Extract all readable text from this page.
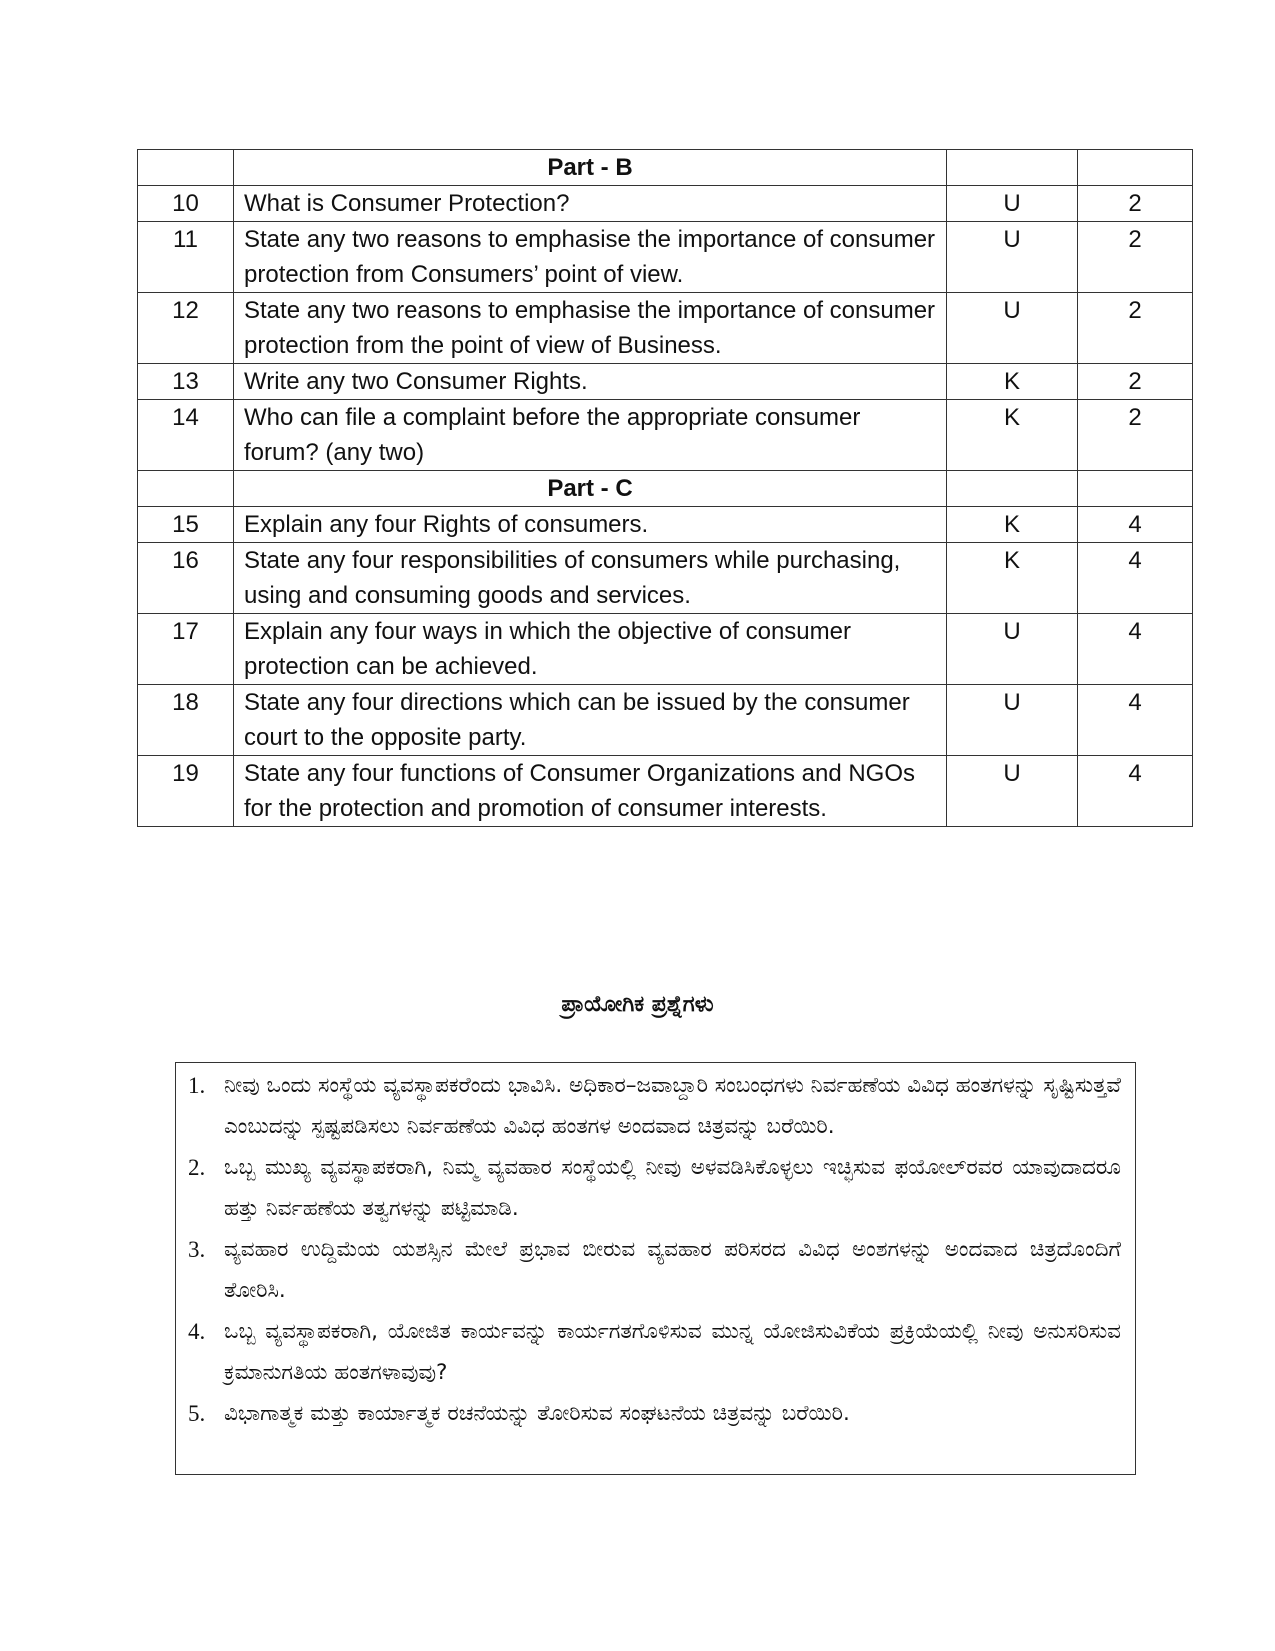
	Part - B		
10	What is Consumer Protection?	U	2
11	State any two reasons to emphasise the importance of consumer protection from Consumers’ point of view.	U	2
12	State any two reasons to emphasise the importance of consumer protection from the point of view of Business.	U	2
13	Write any two Consumer Rights.	K	2
14	Who can file a complaint before the appropriate consumer forum? (any two)	K	2
	Part - C		
15	Explain any four Rights of consumers.	K	4
16	State any four responsibilities of consumers while purchasing, using and consuming goods and services.	K	4
17	Explain any four ways in which the objective of consumer protection can be achieved.	U	4
18	State any four directions which can be issued by the consumer court to the opposite party.	U	4
19	State any four functions of Consumer Organizations and NGOs for the protection and promotion of consumer interests.	U	4
ಪ್ರಾಯೋಗಿಕ ಪ್ರಶ್ನೆಗಳು
1. ನೀವು ಒಂದು ಸಂಸ್ಥೆಯ ವ್ಯವಸ್ಥಾಪಕರೆಂದು ಭಾವಿಸಿ. ಅಧಿಕಾರ–ಜವಾಬ್ದಾರಿ ಸಂಬಂಧಗಳು ನಿರ್ವಹಣೆಯ ವಿವಿಧ ಹಂತಗಳನ್ನು ಸೃಷ್ಟಿಸುತ್ತವೆ ಎಂಬುದನ್ನು ಸ್ಪಷ್ಟಪಡಿಸಲು ನಿರ್ವಹಣೆಯ ವಿವಿಧ ಹಂತಗಳ ಅಂದವಾದ ಚಿತ್ರವನ್ನು ಬರೆಯಿರಿ.
2. ಒಬ್ಬ ಮುಖ್ಯ ವ್ಯವಸ್ಥಾಪಕರಾಗಿ, ನಿಮ್ಮ ವ್ಯವಹಾರ ಸಂಸ್ಥೆಯಲ್ಲಿ ನೀವು ಅಳವಡಿಸಿಕೊಳ್ಳಲು ಇಚ್ಛಿಸುವ ಫಯೋಲ್‌ರವರ ಯಾವುದಾದರೂ ಹತ್ತು ನಿರ್ವಹಣೆಯ ತತ್ವಗಳನ್ನು ಪಟ್ಟಿಮಾಡಿ.
3. ವ್ಯವಹಾರ ಉದ್ದಿಮೆಯ ಯಶಸ್ಸಿನ ಮೇಲೆ ಪ್ರಭಾವ ಬೀರುವ ವ್ಯವಹಾರ ಪರಿಸರದ ವಿವಿಧ ಅಂಶಗಳನ್ನು ಅಂದವಾದ ಚಿತ್ರದೊಂದಿಗೆ ತೋರಿಸಿ.
4. ಒಬ್ಬ ವ್ಯವಸ್ಥಾಪಕರಾಗಿ, ಯೋಜಿತ ಕಾರ್ಯವನ್ನು ಕಾರ್ಯಗತಗೊಳಿಸುವ ಮುನ್ನ ಯೋಜಿಸುವಿಕೆಯ ಪ್ರಕ್ರಿಯೆಯಲ್ಲಿ ನೀವು ಅನುಸರಿಸುವ ಕ್ರಮಾನುಗತಿಯ ಹಂತಗಳಾವುವು?
5. ವಿಭಾಗಾತ್ಮಕ ಮತ್ತು ಕಾರ್ಯಾತ್ಮಕ ರಚನೆಯನ್ನು ತೋರಿಸುವ ಸಂಘಟನೆಯ ಚಿತ್ರವನ್ನು ಬರೆಯಿರಿ.
